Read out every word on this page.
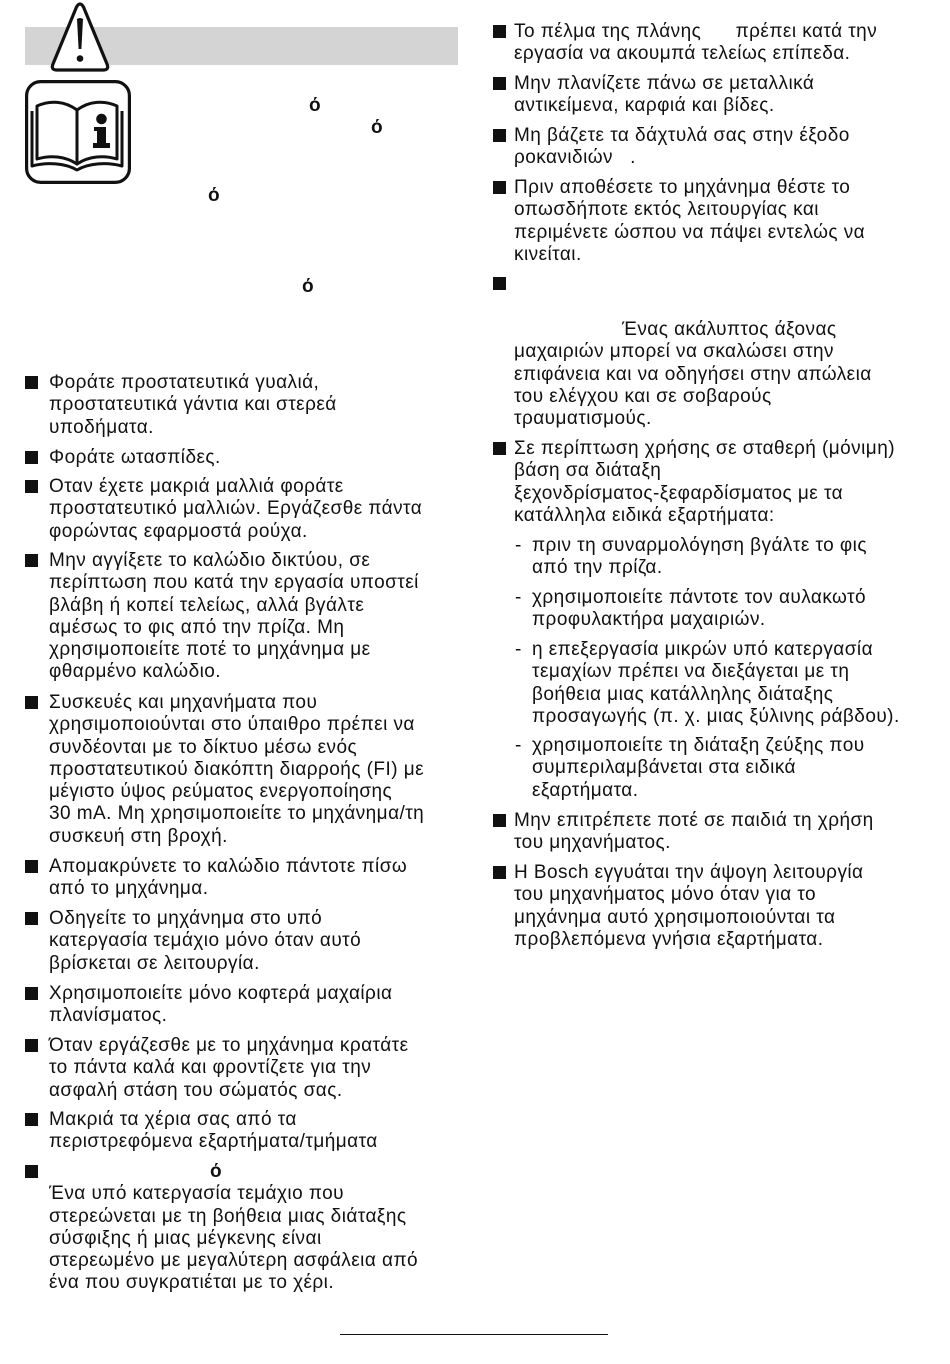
ό
ό
ό
ό
Φοράτε προστατευτικά γυαλιά,
προστατευτικά γάντια και στερεά
υποδήματα.
Φοράτε ωτασπίδες.
Οταν έχετε μακριά μαλλιά φοράτε
προστατευτικό μαλλιών. Εργάζεσθε πάντα
φορώντας εφαρμοστά ρούχα.
Μην αγγίξετε το καλώδιο δικτύου, σε
περίπτωση που κατά την εργασία υποστεί
βλάβη ή κοπεί τελείως, αλλά βγάλτε
αμέσως το φις από την πρίζα. Μη
χρησιμοποιείτε ποτέ το μηχάνημα με
φθαρμένο καλώδιο.
Συσκευές και μηχανήματα που
χρησιμοποιούνται στο ύπαιθρο πρέπει να
συνδέονται με το δίκτυο μέσω ενός
προστατευτικού διακόπτη διαρροής (FI) με
μέγιστο ύψος ρεύματος ενεργοποίησης
30 mA. Μη χρησιμοποιείτε το μηχάνημα/τη
συσκευή στη βροχή.
Απομακρύνετε το καλώδιο πάντοτε πίσω
από το μηχάνημα.
Οδηγείτε το μηχάνημα στο υπό
κατεργασία τεμάχιο μόνο όταν αυτό
βρίσκεται σε λειτουργία.
Χρησιμοποιείτε μόνο κοφτερά μαχαίρια
πλανίσματος.
Όταν εργάζεσθε με το μηχάνημα κρατάτε
το πάντα καλά και φροντίζετε για την
ασφαλή στάση του σώματός σας.
Μακριά τα χέρια σας από τα
περιστρεφόμενα εξαρτήματα/τμήματα
ό
Ένα υπό κατεργασία τεμάχιο που
στερεώνεται με τη βοήθεια μιας διάταξης
σύσφιξης ή μιας μέγκενης είναι
στερεωμένο με μεγαλύτερη ασφάλεια από
ένα που συγκρατιέται με το χέρι.
Το πέλμα της πλάνης      πρέπει κατά την
εργασία να ακουμπά τελείως επίπεδα.
Μην πλανίζετε πάνω σε μεταλλικά
αντικείμενα, καρφιά και βίδες.
Μη βάζετε τα δάχτυλά σας στην έξοδο
ροκανιδιών   .
Πριν αποθέσετε το μηχάνημα θέστε το
οπωσδήποτε εκτός λειτουργίας και
περιμένετε ώσπου να πάψει εντελώς να
κινείται.
Ένας ακάλυπτος άξονας
μαχαιριών μπορεί να σκαλώσει στην
επιφάνεια και να οδηγήσει στην απώλεια
του ελέγχου και σε σοβαρούς
τραυματισμούς.
Σε περίπτωση χρήσης σε σταθερή (μόνιμη)
βάση σα διάταξη
ξεχονδρίσματος-ξεφαρδίσματος με τα
κατάλληλα ειδικά εξαρτήματα:
- πριν τη συναρμολόγηση βγάλτε το φις
από την πρίζα.
- χρησιμοποιείτε πάντοτε τον αυλακωτό
προφυλακτήρα μαχαιριών.
- η επεξεργασία μικρών υπό κατεργασία
τεμαχίων πρέπει να διεξάγεται με τη
βοήθεια μιας κατάλληλης διάταξης
προσαγωγής (π. χ. μιας ξύλινης ράβδου).
- χρησιμοποιείτε τη διάταξη ζεύξης που
συμπεριλαμβάνεται στα ειδικά
εξαρτήματα.
Μην επιτρέπετε ποτέ σε παιδιά τη χρήση
του μηχανήματος.
Η Bosch εγγυάται την άψογη λειτουργία
του μηχανήματος μόνο όταν για το
μηχάνημα αυτό χρησιμοποιούνται τα
προβλεπόμενα γνήσια εξαρτήματα.
